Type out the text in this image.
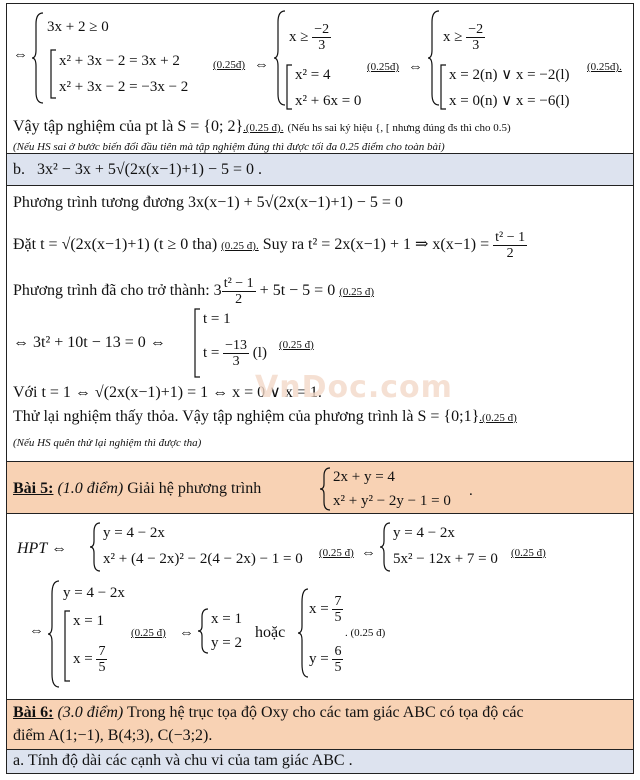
⇔
3x + 2 ≥ 0
x² + 3x − 2 = 3x + 2
x² + 3x − 2 = −3x − 2
(0.25đ) ⇔
$x \ge \frac{-2}{3}$
x² = 4
x² + 6x = 0
(0.25đ) ⇔
$x \ge \frac{-2}{3}$
x = 2(n) ∨ x = −2(l)
x = 0(n) ∨ x = −6(l)
(0.25đ).
Vậy tập nghiệm của pt là S = {0; 2}.(0.25 đ). (Nếu hs sai ký hiệu {, [ nhưng đúng đs thì cho 0.5)
(Nếu HS sai ở bước biến đổi đầu tiên mà tập nghiệm đúng thì được tối đa 0.25 điểm cho toàn bài)
b. 3x² − 3x + 5√(2x(x−1)+1) − 5 = 0 .
Phương trình tương đương 3x(x−1) + 5√(2x(x−1)+1) − 5 = 0
Đặt t = √(2x(x−1)+1) (t ≥ 0 tha) (0.25 đ). Suy ra t² = 2x(x−1) + 1 ⇒ $x(x-1) = \frac{\text{t² − 1}}{2}$
Phương trình đã cho trở thành: $3 \frac{\text{t² − 1}}{2} + 5t - 5 = 0$ (0.25 đ)
⇔ 3t² + 10t − 13 = 0 ⇔
t = 1
$t = \frac{-13}{3} (l)$ (0.25 đ)
Với t = 1 ⇔ √(2x(x−1)+1) = 1 ⇔ x = 0 ∨ x = 1.
Thử lại nghiệm thấy thỏa. Vậy tập nghiệm của phương trình là S = {0;1}.(0.25 đ)
(Nếu HS quên thử lại nghiệm thì được tha)
VnDoc.com
Bài 5: (1.0 điểm) Giải hệ phương trình
2x + y = 4
x² + y² − 2y − 1 = 0
.
HPT ⇔
y = 4 − 2x
x² + (4 − 2x)² − 2(4 − 2x) − 1 = 0 (0.25 đ) ⇔
y = 4 − 2x
5x² − 12x + 7 = 0 (0.25 đ)
⇔
y = 4 − 2x
x = 1
$x = \frac{7}{5}$
(0.25 đ) ⇔
x = 1
y = 2
hoặc
$x = \frac{7}{5}$
$y = \frac{6}{5}$
. (0.25 đ)
Bài 6: (3.0 điểm) Trong hệ trục tọa độ Oxy cho các tam giác ABC có tọa độ các
điểm A(1;−1), B(4;3), C(−3;2).
a. Tính độ dài các cạnh và chu vi của tam giác ABC .
